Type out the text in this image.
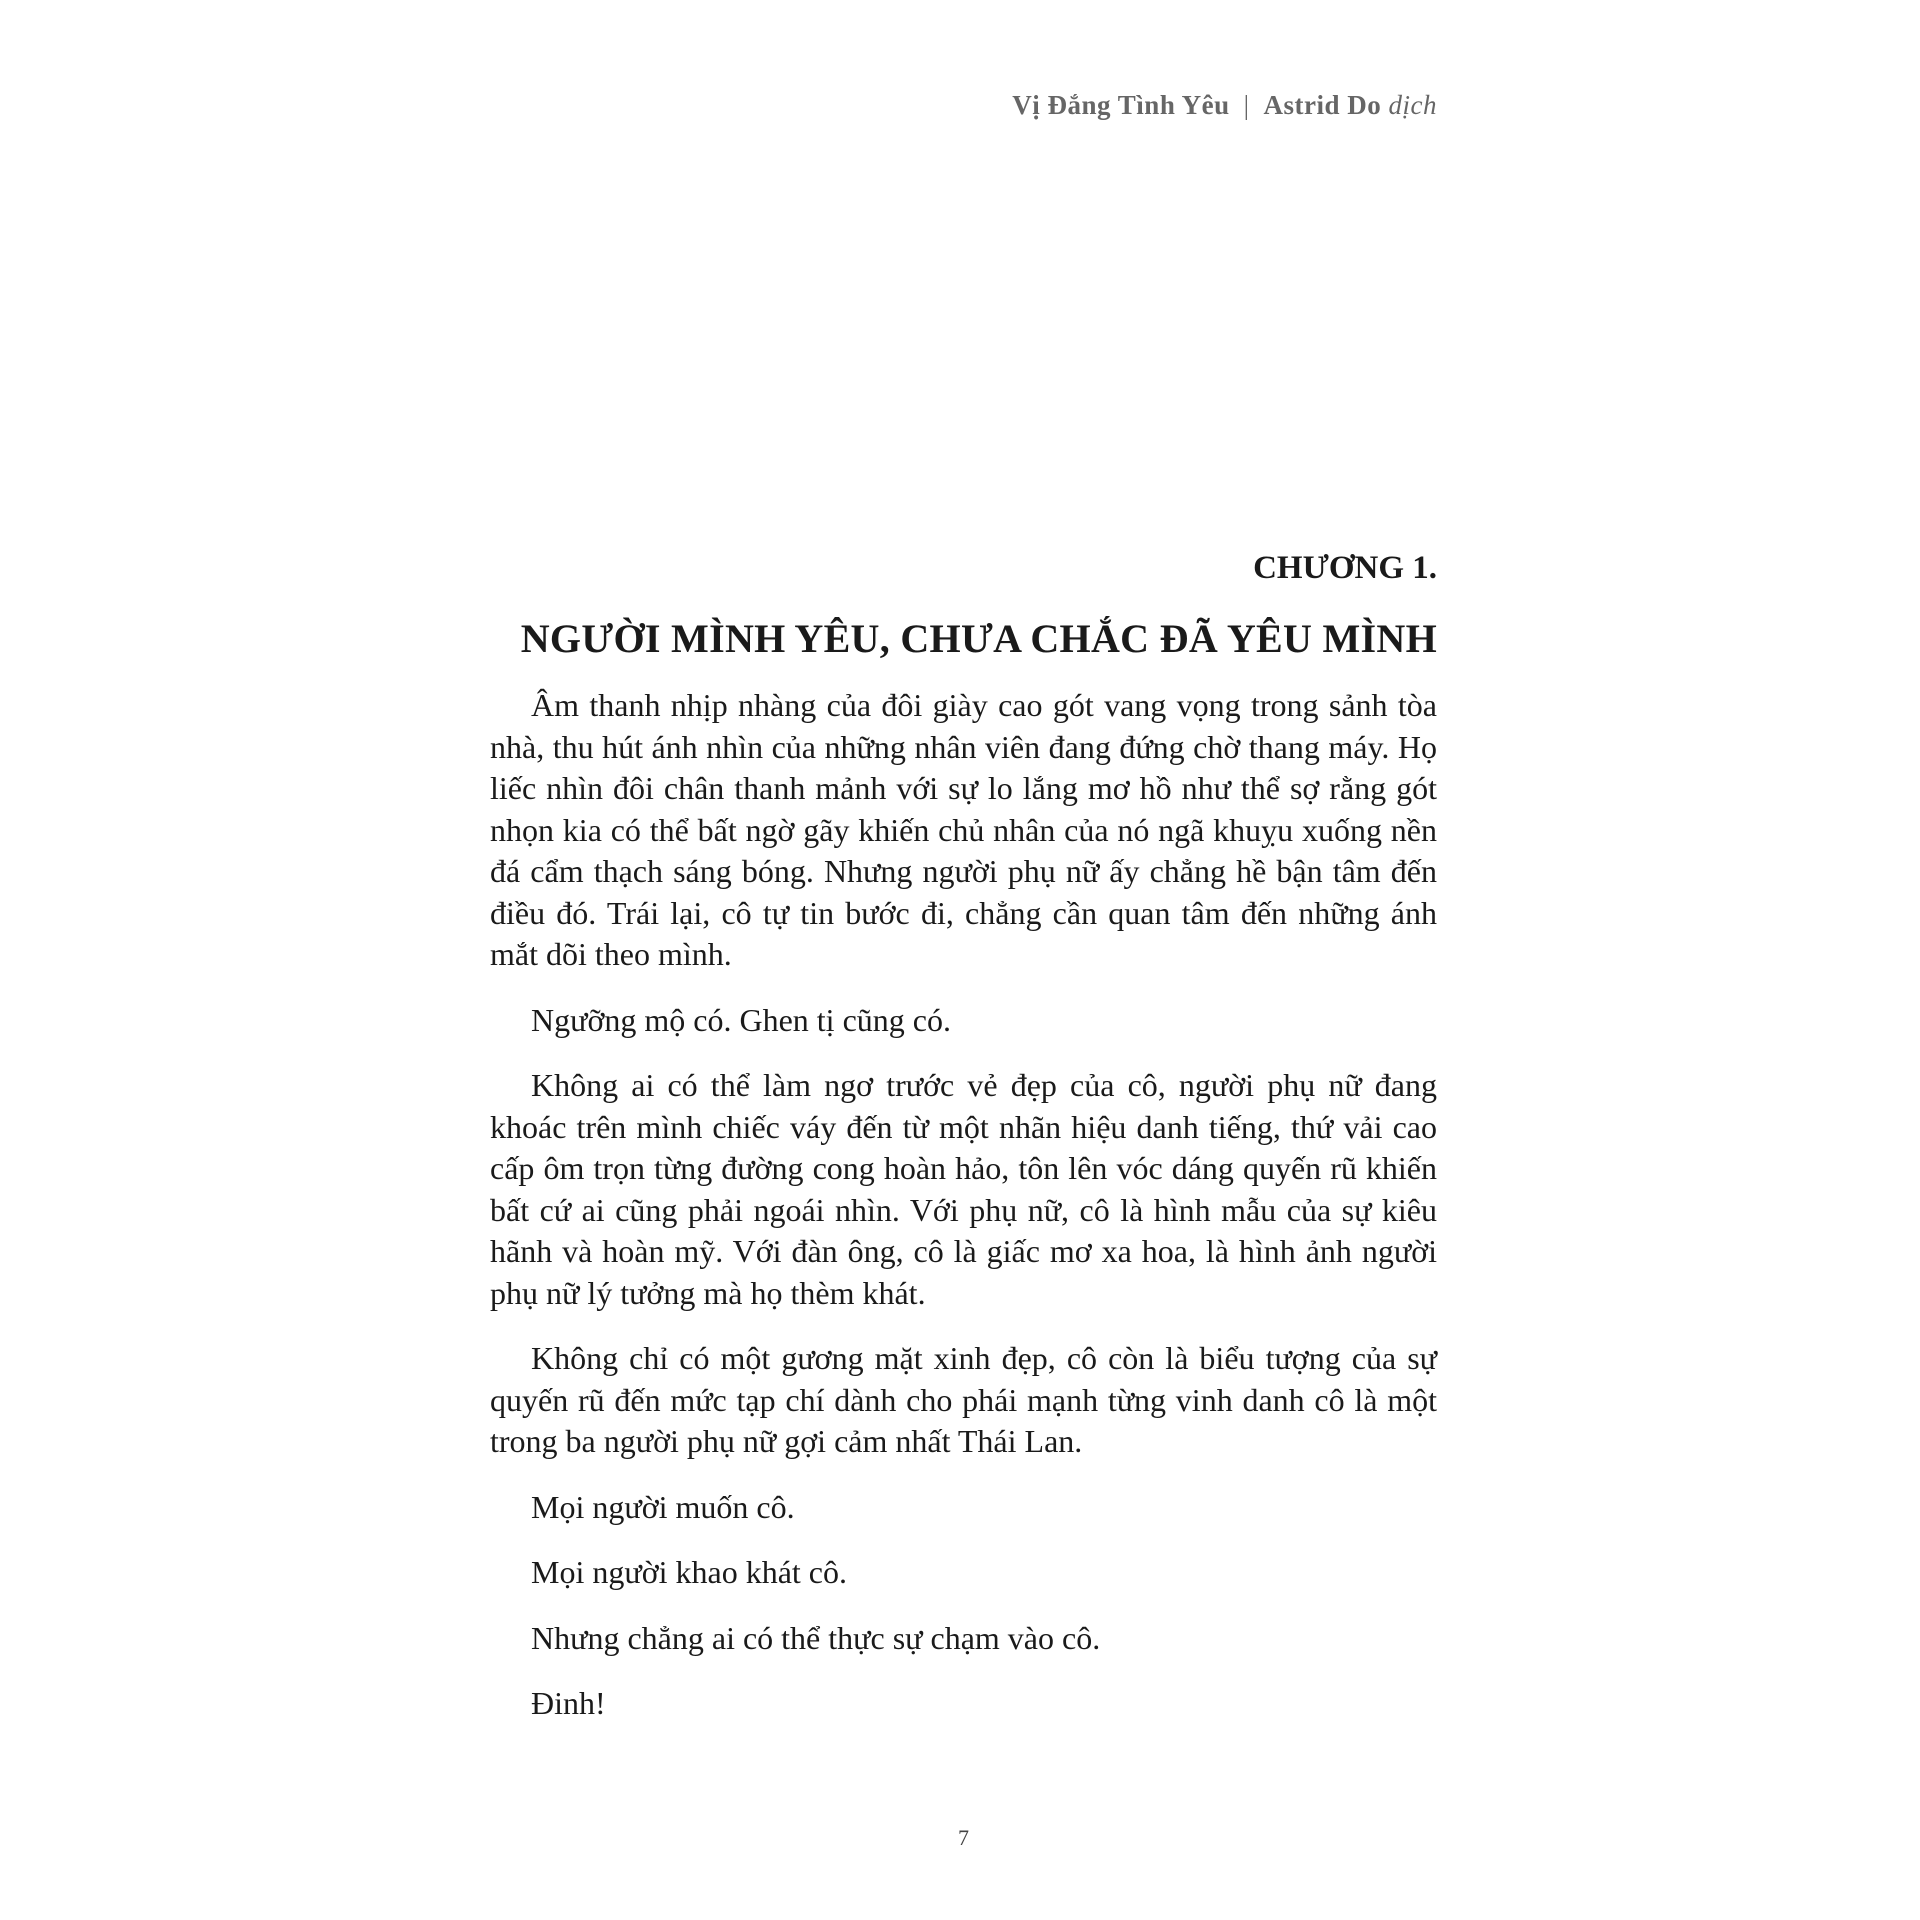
Vị Đắng Tình Yêu | Astrid Do dịch
CHƯƠNG 1.
NGƯỜI MÌNH YÊU, CHƯA CHẮC ĐÃ YÊU MÌNH

Âm thanh nhịp nhàng của đôi giày cao gót vang vọng trong sảnh tòa nhà, thu hút ánh nhìn của những nhân viên đang đứng chờ thang máy. Họ liếc nhìn đôi chân thanh mảnh với sự lo lắng mơ hồ như thể sợ rằng gót nhọn kia có thể bất ngờ gãy khiến chủ nhân của nó ngã khuỵu xuống nền đá cẩm thạch sáng bóng. Nhưng người phụ nữ ấy chẳng hề bận tâm đến điều đó. Trái lại, cô tự tin bước đi, chẳng cần quan tâm đến những ánh mắt dõi theo mình.

Ngưỡng mộ có. Ghen tị cũng có.

Không ai có thể làm ngơ trước vẻ đẹp của cô, người phụ nữ đang khoác trên mình chiếc váy đến từ một nhãn hiệu danh tiếng, thứ vải cao cấp ôm trọn từng đường cong hoàn hảo, tôn lên vóc dáng quyến rũ khiến bất cứ ai cũng phải ngoái nhìn. Với phụ nữ, cô là hình mẫu của sự kiêu hãnh và hoàn mỹ. Với đàn ông, cô là giấc mơ xa hoa, là hình ảnh người phụ nữ lý tưởng mà họ thèm khát.

Không chỉ có một gương mặt xinh đẹp, cô còn là biểu tượng của sự quyến rũ đến mức tạp chí dành cho phái mạnh từng vinh danh cô là một trong ba người phụ nữ gợi cảm nhất Thái Lan.

Mọi người muốn cô.

Mọi người khao khát cô.

Nhưng chẳng ai có thể thực sự chạm vào cô.

Đinh!

7
